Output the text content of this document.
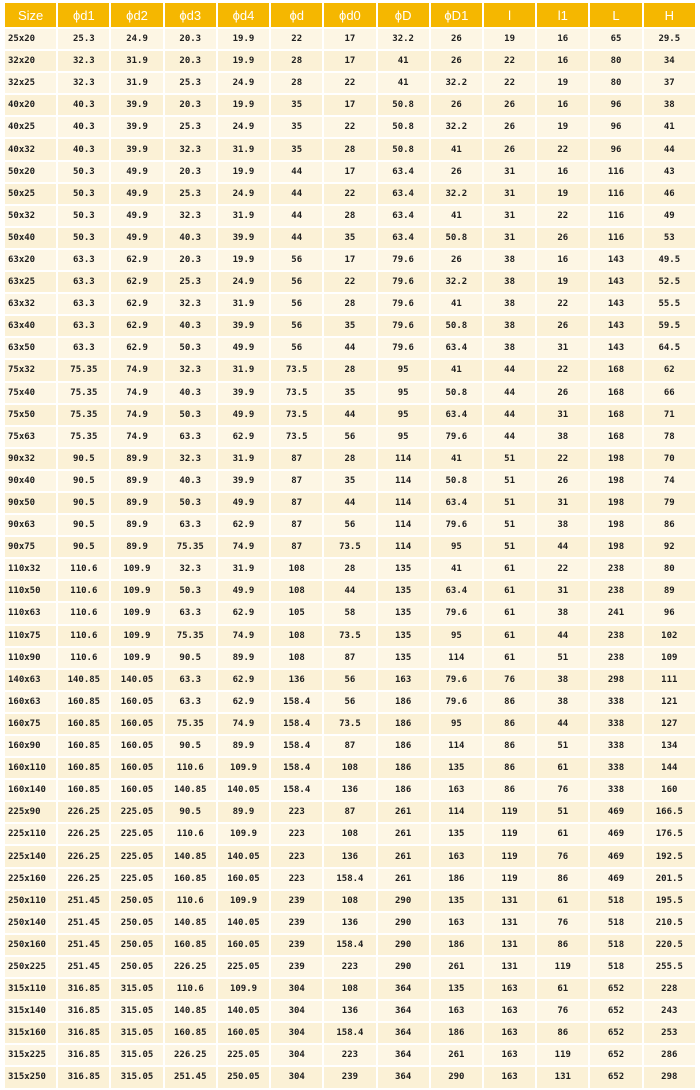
Size	ϕd1	ϕd2	ϕd3	ϕd4	ϕd	ϕd0	ϕD	ϕD1	l	l1	L	H
25x20	25.3	24.9	20.3	19.9	22	17	32.2	26	19	16	65	29.5
32x20	32.3	31.9	20.3	19.9	28	17	41	26	22	16	80	34
32x25	32.3	31.9	25.3	24.9	28	22	41	32.2	22	19	80	37
40x20	40.3	39.9	20.3	19.9	35	17	50.8	26	26	16	96	38
40x25	40.3	39.9	25.3	24.9	35	22	50.8	32.2	26	19	96	41
40x32	40.3	39.9	32.3	31.9	35	28	50.8	41	26	22	96	44
50x20	50.3	49.9	20.3	19.9	44	17	63.4	26	31	16	116	43
50x25	50.3	49.9	25.3	24.9	44	22	63.4	32.2	31	19	116	46
50x32	50.3	49.9	32.3	31.9	44	28	63.4	41	31	22	116	49
50x40	50.3	49.9	40.3	39.9	44	35	63.4	50.8	31	26	116	53
63x20	63.3	62.9	20.3	19.9	56	17	79.6	26	38	16	143	49.5
63x25	63.3	62.9	25.3	24.9	56	22	79.6	32.2	38	19	143	52.5
63x32	63.3	62.9	32.3	31.9	56	28	79.6	41	38	22	143	55.5
63x40	63.3	62.9	40.3	39.9	56	35	79.6	50.8	38	26	143	59.5
63x50	63.3	62.9	50.3	49.9	56	44	79.6	63.4	38	31	143	64.5
75x32	75.35	74.9	32.3	31.9	73.5	28	95	41	44	22	168	62
75x40	75.35	74.9	40.3	39.9	73.5	35	95	50.8	44	26	168	66
75x50	75.35	74.9	50.3	49.9	73.5	44	95	63.4	44	31	168	71
75x63	75.35	74.9	63.3	62.9	73.5	56	95	79.6	44	38	168	78
90x32	90.5	89.9	32.3	31.9	87	28	114	41	51	22	198	70
90x40	90.5	89.9	40.3	39.9	87	35	114	50.8	51	26	198	74
90x50	90.5	89.9	50.3	49.9	87	44	114	63.4	51	31	198	79
90x63	90.5	89.9	63.3	62.9	87	56	114	79.6	51	38	198	86
90x75	90.5	89.9	75.35	74.9	87	73.5	114	95	51	44	198	92
110x32	110.6	109.9	32.3	31.9	108	28	135	41	61	22	238	80
110x50	110.6	109.9	50.3	49.9	108	44	135	63.4	61	31	238	89
110x63	110.6	109.9	63.3	62.9	105	58	135	79.6	61	38	241	96
110x75	110.6	109.9	75.35	74.9	108	73.5	135	95	61	44	238	102
110x90	110.6	109.9	90.5	89.9	108	87	135	114	61	51	238	109
140x63	140.85	140.05	63.3	62.9	136	56	163	79.6	76	38	298	111
160x63	160.85	160.05	63.3	62.9	158.4	56	186	79.6	86	38	338	121
160x75	160.85	160.05	75.35	74.9	158.4	73.5	186	95	86	44	338	127
160x90	160.85	160.05	90.5	89.9	158.4	87	186	114	86	51	338	134
160x110	160.85	160.05	110.6	109.9	158.4	108	186	135	86	61	338	144
160x140	160.85	160.05	140.85	140.05	158.4	136	186	163	86	76	338	160
225x90	226.25	225.05	90.5	89.9	223	87	261	114	119	51	469	166.5
225x110	226.25	225.05	110.6	109.9	223	108	261	135	119	61	469	176.5
225x140	226.25	225.05	140.85	140.05	223	136	261	163	119	76	469	192.5
225x160	226.25	225.05	160.85	160.05	223	158.4	261	186	119	86	469	201.5
250x110	251.45	250.05	110.6	109.9	239	108	290	135	131	61	518	195.5
250x140	251.45	250.05	140.85	140.05	239	136	290	163	131	76	518	210.5
250x160	251.45	250.05	160.85	160.05	239	158.4	290	186	131	86	518	220.5
250x225	251.45	250.05	226.25	225.05	239	223	290	261	131	119	518	255.5
315x110	316.85	315.05	110.6	109.9	304	108	364	135	163	61	652	228
315x140	316.85	315.05	140.85	140.05	304	136	364	163	163	76	652	243
315x160	316.85	315.05	160.85	160.05	304	158.4	364	186	163	86	652	253
315x225	316.85	315.05	226.25	225.05	304	223	364	261	163	119	652	286
315x250	316.85	315.05	251.45	250.05	304	239	364	290	163	131	652	298
